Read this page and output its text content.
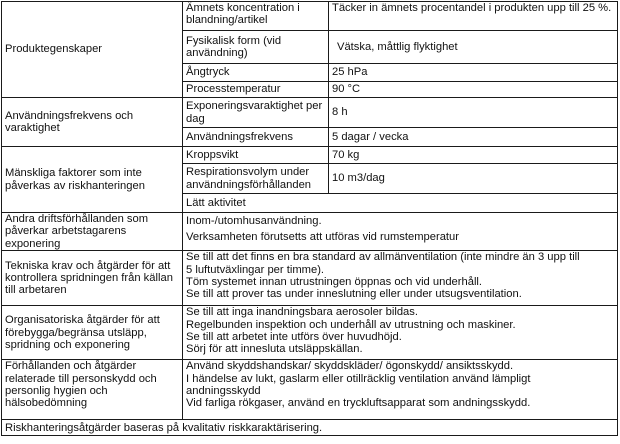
Produktegenskaper	Ämnets koncentration i blandning/artikel	Täcker in ämnets procentandel i produkten upp till 25 %.
	Fysikalisk form (vid användning)	Vätska, måttlig flyktighet
	Ångtryck	25 hPa
	Processtemperatur	90 °C
Användningsfrekvens och varaktighet	Exponeringsvaraktighet per dag	8 h
	Användningsfrekvens	5 dagar / vecka
Mänskliga faktorer som inte påverkas av riskhanteringen	Kroppsvikt	70 kg
	Respirationsvolym under användningsförhållanden	10 m3/dag
	Lätt aktivitet	
Andra driftsförhållanden som påverkar arbetstagarens exponering	Inom-/utomhusanvändning.
Verksamheten förutsetts att utföras vid rumstemperatur	

Tekniska krav och åtgärder för att kontrollera spridningen från källan till arbetaren	Se till att det finns en bra standard av allmänventilation (inte mindre än 3 upp till
5 luftutväxlingar per timme).
Töm systemet innan utrustningen öppnas och vid underhåll.
Se till att prover tas under inneslutning eller under utsugsventilation.	

Organisatoriska åtgärder för att förebygga/begränsa utsläpp, spridning och exponering	Se till att inga inandningsbara aerosoler bildas.
Regelbunden inspektion och underhåll av utrustning och maskiner.
Se till att arbetet inte utförs över huvudhöjd.
Sörj för att inneslutа utsläppskällan.	

Förhållanden och åtgärder relaterade till personskydd och personlig hygien och hälsobedömning	Använd skyddshandskar/ skyddskläder/ ögonskydd/ ansiktsskydd.
I händelse av lukt, gaslarm eller otillräcklig ventilation använd lämpligt
andningsskydd
Vid farliga rökgaser, använd en tryckluftsapparat som andningsskydd.	

Riskhanteringsåtgärder baseras på kvalitativ riskkaraktärisering.		
